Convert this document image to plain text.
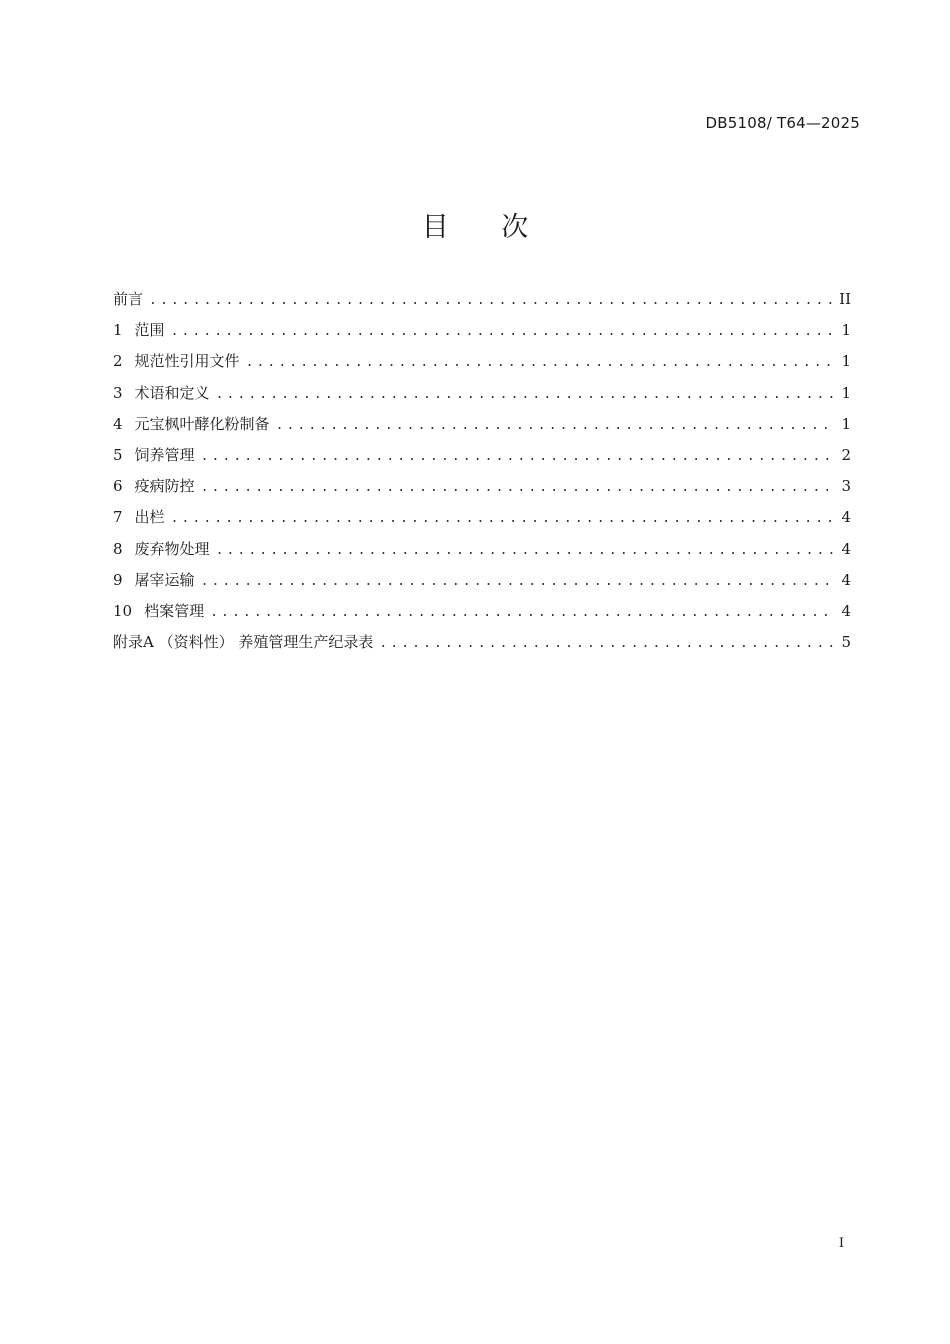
DB5108/ T64—2025
目 次
前言 .....	II
1 范围 .....	1
2 规范性引用文件 .....	1
3 术语和定义 .....	1
4 元宝枫叶酵化粉制备 .....	1
5 饲养管理 .....	2
6 疫病防控 .....	3
7 出栏 .....	4
8 废弃物处理 .....	4
9 屠宰运输 .....	4
10 档案管理 .....	4
附录A （资料性） 养殖管理生产纪录表 .....	5
I
